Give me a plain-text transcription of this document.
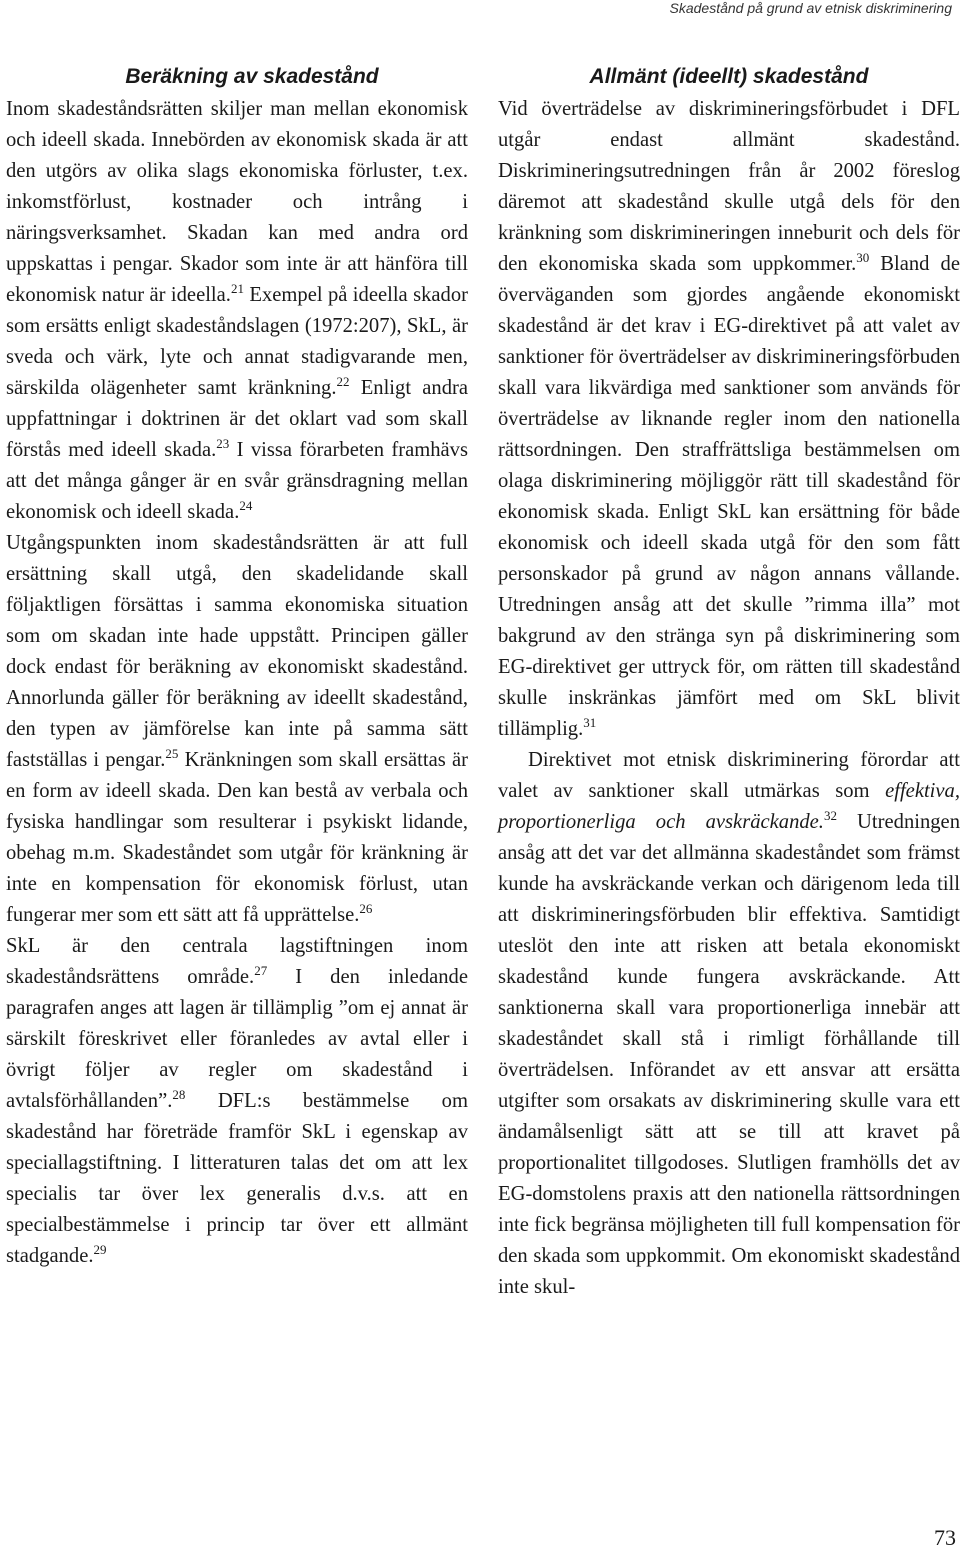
Skadestånd på grund av etnisk diskriminering
Beräkning av skadestånd

Inom skadeståndsrätten skiljer man mellan ekonomisk och ideell skada. Innebörden av ekonomisk skada är att den utgörs av olika slags ekonomiska förluster, t.ex. inkomstförlust, kostnader och intrång i näringsverksamhet. Skadan kan med andra ord uppskattas i pengar. Skador som inte är att hänföra till ekonomisk natur är ideella.$^{21}$ Exempel på ideella skador som ersätts enligt skadeståndslagen (1972:207), SkL, är sveda och värk, lyte och annat stadigvarande men, särskilda olägenheter samt kränkning.$^{22}$ Enligt andra uppfattningar i doktrinen är det oklart vad som skall förstås med ideell skada.$^{23}$ I vissa förarbeten framhävs att det många gånger är en svår gränsdragning mellan ekonomisk och ideell skada.$^{24}$

Utgångspunkten inom skadeståndsrätten är att full ersättning skall utgå, den skadelidande skall följaktligen försättas i samma ekonomiska situation som om skadan inte hade uppstått. Principen gäller dock endast för beräkning av ekonomiskt skadestånd. Annorlunda gäller för beräkning av ideellt skadestånd, den typen av jämförelse kan inte på samma sätt fastställas i pengar.$^{25}$ Kränkningen som skall ersättas är en form av ideell skada. Den kan bestå av verbala och fysiska handlingar som resulterar i psykiskt lidande, obehag m.m. Skadeståndet som utgår för kränkning är inte en kompensation för ekonomisk förlust, utan fungerar mer som ett sätt att få upprättelse.$^{26}$

SkL är den centrala lagstiftningen inom skadeståndsrättens område.$^{27}$ I den inledande paragrafen anges att lagen är tillämplig ”om ej annat är särskilt föreskrivet eller föranledes av avtal eller i övrigt följer av regler om skadestånd i avtalsförhållanden”.$^{28}$ DFL:s bestämmelse om skadestånd har företräde framför SkL i egenskap av speciallagstiftning. I litteraturen talas det om att lex specialis tar över lex generalis d.v.s. att en specialbestämmelse i princip tar över ett allmänt stadgande.$^{29}$

Allmänt (ideellt) skadestånd

Vid överträdelse av diskrimineringsförbudet i DFL utgår endast allmänt skadestånd. Diskrimineringsutredningen från år 2002 föreslog däremot att skadestånd skulle utgå dels för den kränkning som diskrimineringen inneburit och dels för den ekonomiska skada som uppkommer.$^{30}$ Bland de överväganden som gjordes angående ekonomiskt skadestånd är det krav i EG-direktivet på att valet av sanktioner för överträdelser av diskrimineringsförbuden skall vara likvärdiga med sanktioner som används för överträdelse av liknande regler inom den nationella rättsordningen. Den straffrättsliga bestämmelsen om olaga diskriminering möjliggör rätt till skadestånd för ekonomisk skada. Enligt SkL kan ersättning för både ekonomisk och ideell skada utgå för den som fått personskador på grund av någon annans vållande. Utredningen ansåg att det skulle ”rimma illa” mot bakgrund av den stränga syn på diskriminering som EG-direktivet ger uttryck för, om rätten till skadestånd skulle inskränkas jämfört med om SkL blivit tillämplig.$^{31}$

Direktivet mot etnisk diskriminering förordar att valet av sanktioner skall utmärkas som effektiva, proportionerliga och avskräckande.$^{32}$ Utredningen ansåg att det var det allmänna skadeståndet som främst kunde ha avskräckande verkan och därigenom leda till att diskrimineringsförbuden blir effektiva. Samtidigt uteslöt den inte att risken att betala ekonomiskt skadestånd kunde fungera avskräckande. Att sanktionerna skall vara proportionerliga innebär att skadeståndet skall stå i rimligt förhållande till överträdelsen. Införandet av ett ansvar att ersätta utgifter som orsakats av diskriminering skulle vara ett ändamålsenligt sätt att se till att kravet på proportionalitet tillgodoses. Slutligen framhölls det av EG-domstolens praxis att den nationella rättsordningen inte fick begränsa möjligheten till full kompensation för den skada som uppkommit. Om ekonomiskt skadestånd inte skul-

73
